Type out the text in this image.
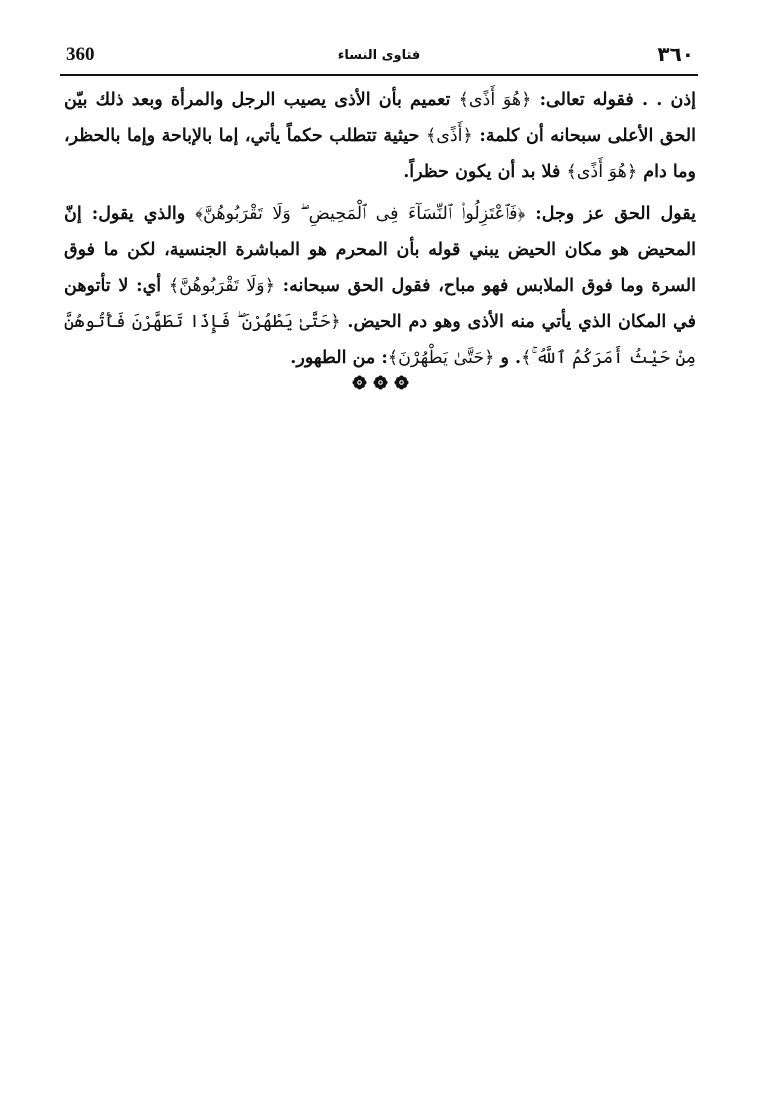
360	فتاوى النساء	٣٦٠

إذن . . فقوله تعالى: ﴿هُوَ أَذًى﴾ تعميم بأن الأذى يصيب الرجل والمرأة وبعد ذلك بيّن الحق الأعلى سبحانه أن كلمة: ﴿أَذًى﴾ حيثية تتطلب حكماً يأتي، إما بالإباحة وإما بالحظر، وما دام ﴿هُوَ أَذًى﴾ فلا بد أن يكون حظراً.

يقول الحق عز وجل: ﴿فَٱعْتَزِلُوا۟ ٱلنِّسَآءَ فِى ٱلْمَحِيضِ ۖ وَلَا تَقْرَبُوهُنَّ﴾ والذي يقول: إنّ المحيض هو مكان الحيض يبني قوله بأن المحرم هو المباشرة الجنسية، لكن ما فوق السرة وما فوق الملابس فهو مباح، فقول الحق سبحانه: ﴿وَلَا تَقْرَبُوهُنَّ﴾ أي: لا تأتوهن في المكان الذي يأتي منه الأذى وهو دم الحيض. ﴿حَتَّىٰ يَطْهُرْنَ ۖ فَإِذَا تَطَهَّرْنَ فَأْتُوهُنَّ مِنْ حَيْثُ أَمَرَكُمُ ٱللَّهُ ۚ﴾. و ﴿حَتَّىٰ يَطْهُرْنَ﴾: من الطهور.
